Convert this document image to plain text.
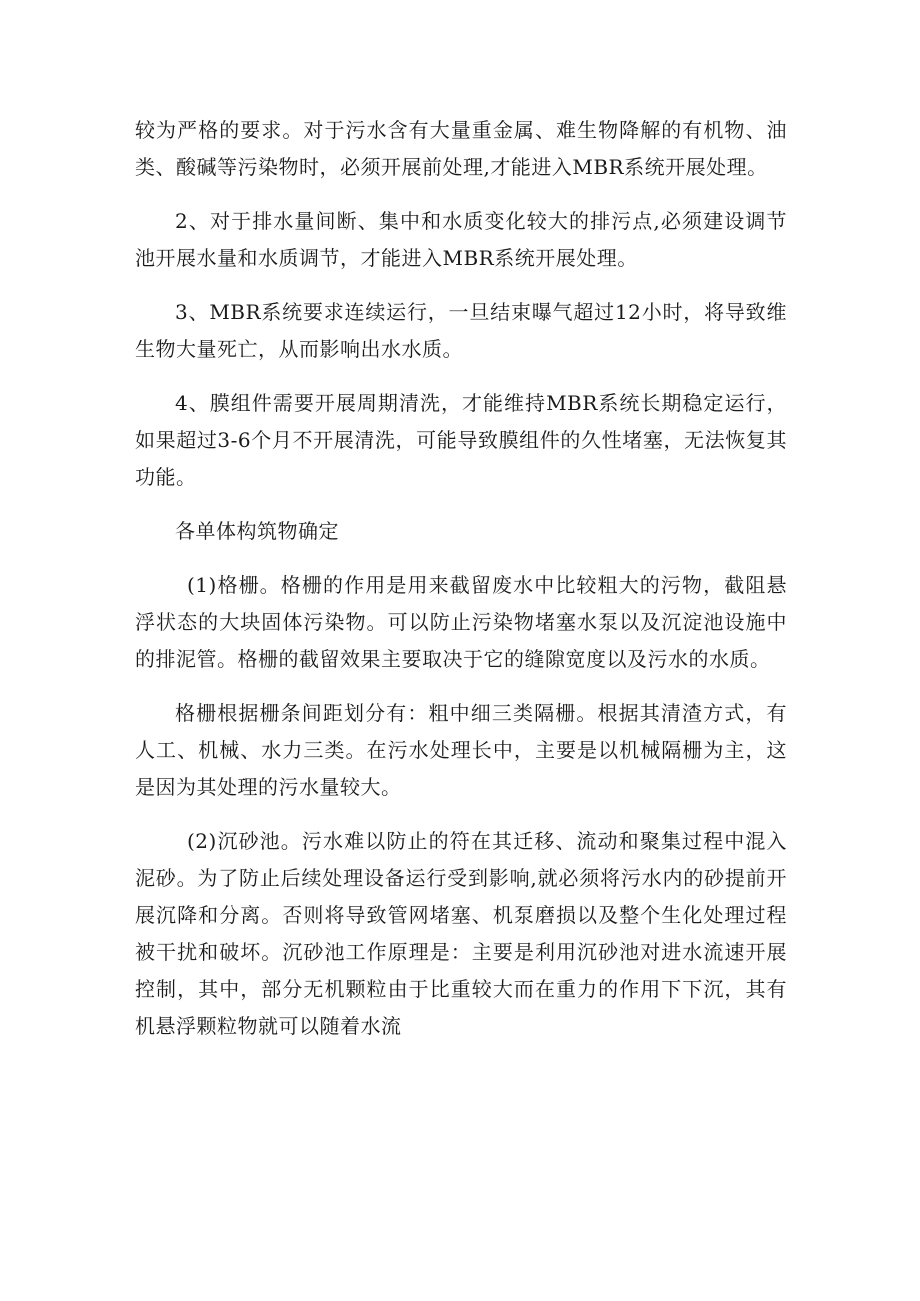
较为严格的要求。对于污水含有大量重金属、难生物降解的有机物、油类、酸碱等污染物时，必须开展前处理,才能进入MBR系统开展处理。

2、对于排水量间断、集中和水质变化较大的排污点,必须建设调节池开展水量和水质调节，才能进入MBR系统开展处理。

3、MBR系统要求连续运行，一旦结束曝气超过12小时，将导致维生物大量死亡，从而影响出水水质。

4、膜组件需要开展周期清洗，才能维持MBR系统长期稳定运行，如果超过3-6个月不开展清洗，可能导致膜组件的久性堵塞，无法恢复其功能。

各单体构筑物确定

(1)格栅。格栅的作用是用来截留废水中比较粗大的污物，截阻悬浮状态的大块固体污染物。可以防止污染物堵塞水泵以及沉淀池设施中的排泥管。格栅的截留效果主要取决于它的缝隙宽度以及污水的水质。

格栅根据栅条间距划分有：粗中细三类隔栅。根据其清渣方式，有人工、机械、水力三类。在污水处理长中，主要是以机械隔栅为主，这是因为其处理的污水量较大。

(2)沉砂池。污水难以防止的符在其迁移、流动和聚集过程中混入泥砂。为了防止后续处理设备运行受到影响,就必须将污水内的砂提前开展沉降和分离。否则将导致管网堵塞、机泵磨损以及整个生化处理过程被干扰和破坏。沉砂池工作原理是：主要是利用沉砂池对进水流速开展控制，其中，部分无机颗粒由于比重较大而在重力的作用下下沉，其有机悬浮颗粒物就可以随着水流
